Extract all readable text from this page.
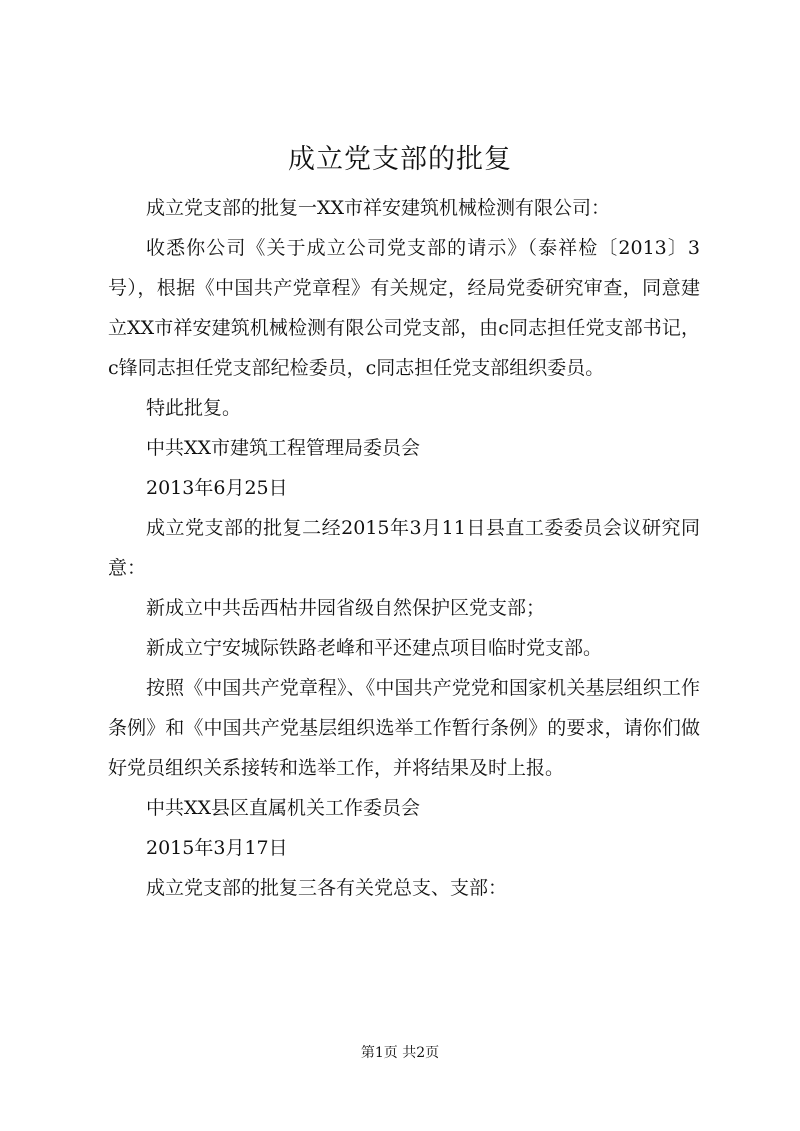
成立党支部的批复

成立党支部的批复一XX市祥安建筑机械检测有限公司：

收悉你公司《关于成立公司党支部的请示》（泰祥检〔2013〕3号），根据《中国共产党章程》有关规定，经局党委研究审查，同意建立XX市祥安建筑机械检测有限公司党支部，由c同志担任党支部书记，c锋同志担任党支部纪检委员，c同志担任党支部组织委员。

特此批复。

中共XX市建筑工程管理局委员会

2013年6月25日

成立党支部的批复二经2015年3月11日县直工委委员会议研究同意：

新成立中共岳西枯井园省级自然保护区党支部；

新成立宁安城际铁路老峰和平还建点项目临时党支部。

按照《中国共产党章程》、《中国共产党党和国家机关基层组织工作条例》和《中国共产党基层组织选举工作暂行条例》的要求，请你们做好党员组织关系接转和选举工作，并将结果及时上报。

中共XX县区直属机关工作委员会

2015年3月17日

成立党支部的批复三各有关党总支、支部：

第1页 共2页
